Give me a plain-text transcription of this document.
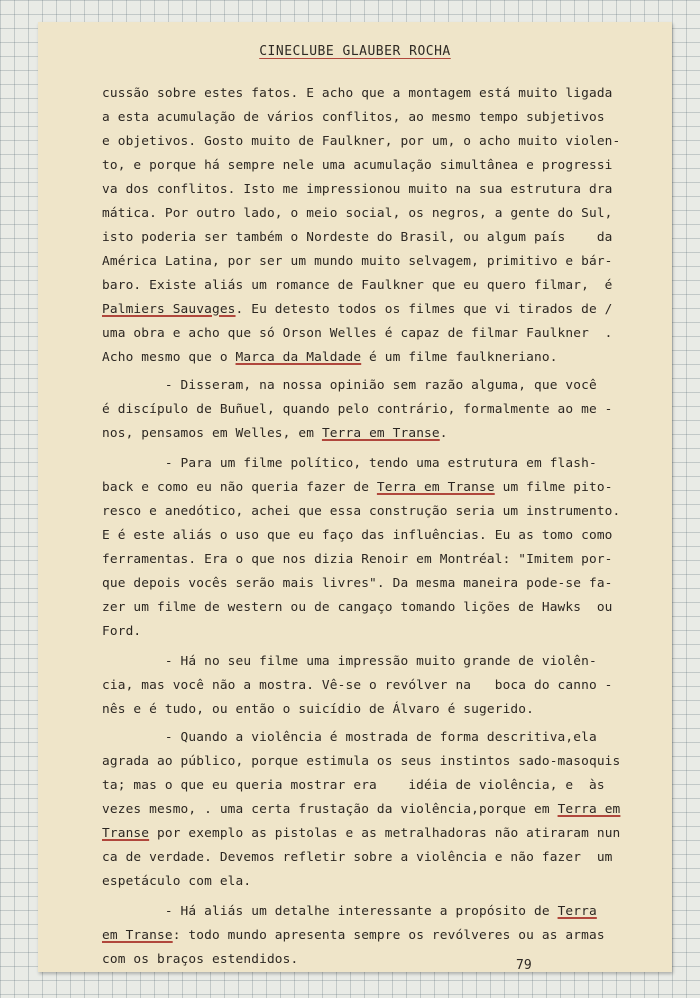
CINECLUBE GLAUBER ROCHA
cussão sobre estes fatos. E acho que a montagem está muito ligada
a esta acumulação de vários conflitos, ao mesmo tempo subjetivos
e objetivos. Gosto muito de Faulkner, por um, o acho muito violen-
to, e porque há sempre nele uma acumulação simultânea e progressi
va dos conflitos. Isto me impressionou muito na sua estrutura dra
mática. Por outro lado, o meio social, os negros, a gente do Sul,
isto poderia ser também o Nordeste do Brasil, ou algum país    da
América Latina, por ser um mundo muito selvagem, primitivo e bár-
baro. Existe aliás um romance de Faulkner que eu quero filmar,  é
Palmiers Sauvages. Eu detesto todos os filmes que vi tirados de /
uma obra e acho que só Orson Welles é capaz de filmar Faulkner  .
Acho mesmo que o Marca da Maldade é um filme faulkneriano.
- Disseram, na nossa opinião sem razão alguma, que você
é discípulo de Buñuel, quando pelo contrário, formalmente ao me -
nos, pensamos em Welles, em Terra em Transe.
- Para um filme político, tendo uma estrutura em flash-
back e como eu não queria fazer de Terra em Transe um filme pito-
resco e anedótico, achei que essa construção seria um instrumento.
E é este aliás o uso que eu faço das influências. Eu as tomo como
ferramentas. Era o que nos dizia Renoir em Montréal: "Imitem por-
que depois vocês serão mais livres". Da mesma maneira pode-se fa-
zer um filme de western ou de cangaço tomando lições de Hawks  ou
Ford.
- Há no seu filme uma impressão muito grande de violên-
cia, mas você não a mostra. Vê-se o revólver na   boca do canno -
nês e é tudo, ou então o suicídio de Álvaro é sugerido.
- Quando a violência é mostrada de forma descritiva,ela
agrada ao público, porque estimula os seus instintos sado-masoquis
ta; mas o que eu queria mostrar era    idéia de violência, e  às
vezes mesmo, . uma certa frustação da violência,porque em Terra em
Transe por exemplo as pistolas e as metralhadoras não atiraram nun
ca de verdade. Devemos refletir sobre a violência e não fazer  um
espetáculo com ela.
- Há aliás um detalhe interessante a propósito de Terra
em Transe: todo mundo apresenta sempre os revólveres ou as armas
com os braços estendidos.	79
